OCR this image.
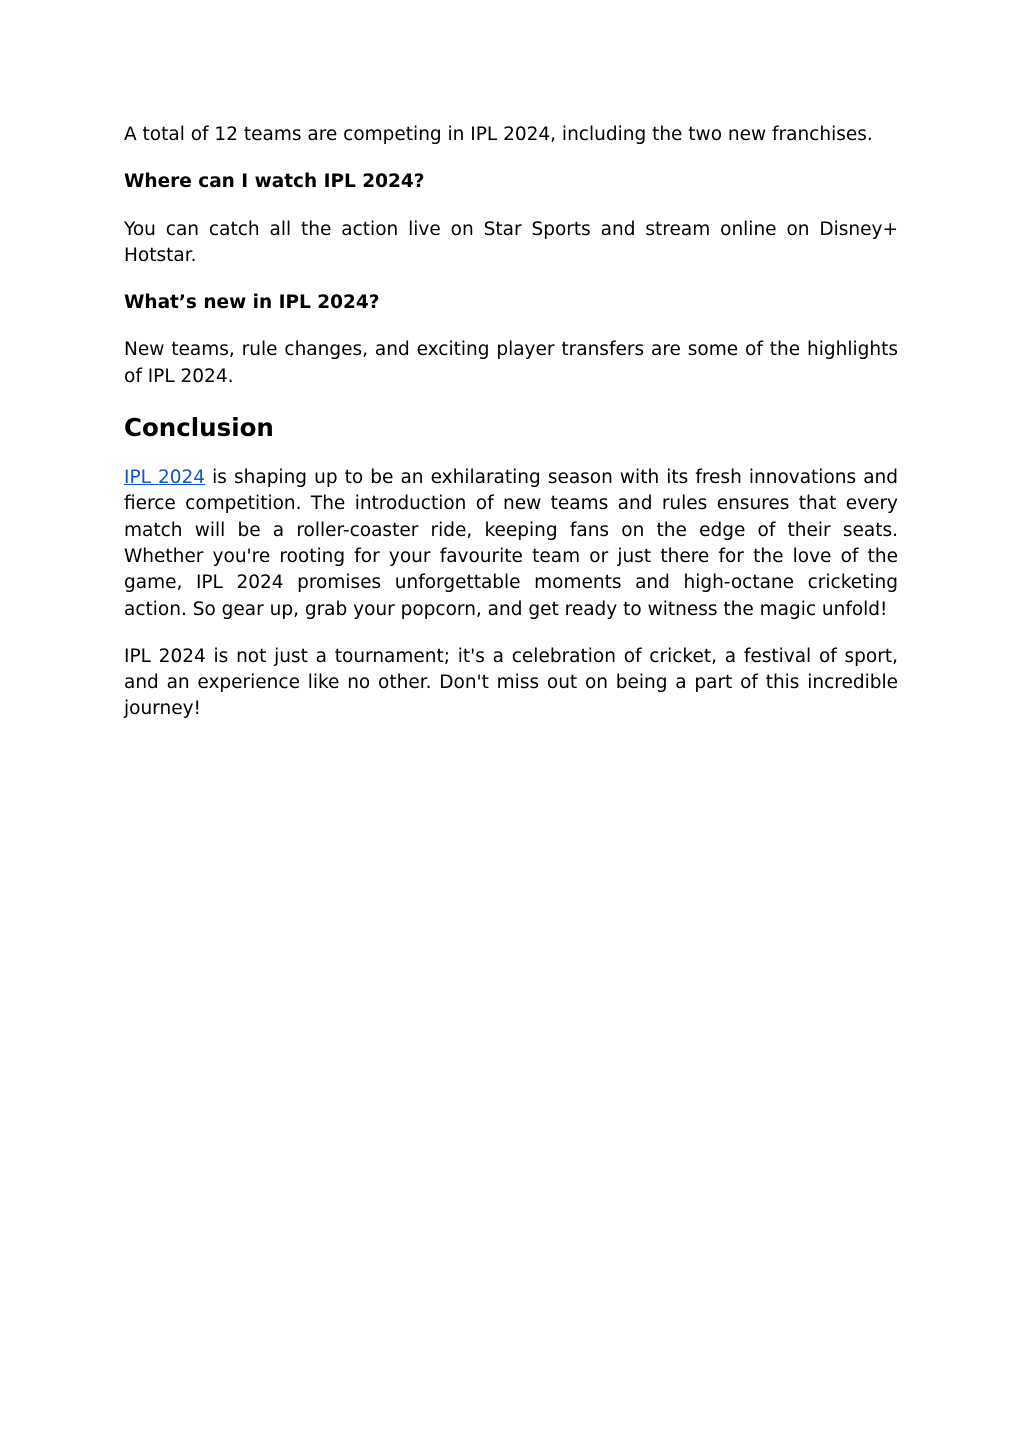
A total of 12 teams are competing in IPL 2024, including the two new franchises.

Where can I watch IPL 2024?

You can catch all the action live on Star Sports and stream online on Disney+ Hotstar.

What’s new in IPL 2024?

New teams, rule changes, and exciting player transfers are some of the highlights of IPL 2024.

Conclusion

IPL 2024 is shaping up to be an exhilarating season with its fresh innovations and fierce competition. The introduction of new teams and rules ensures that every match will be a roller-coaster ride, keeping fans on the edge of their seats. Whether you're rooting for your favourite team or just there for the love of the game, IPL 2024 promises unforgettable moments and high-octane cricketing action. So gear up, grab your popcorn, and get ready to witness the magic unfold!

IPL 2024 is not just a tournament; it's a celebration of cricket, a festival of sport, and an experience like no other. Don't miss out on being a part of this incredible journey!
